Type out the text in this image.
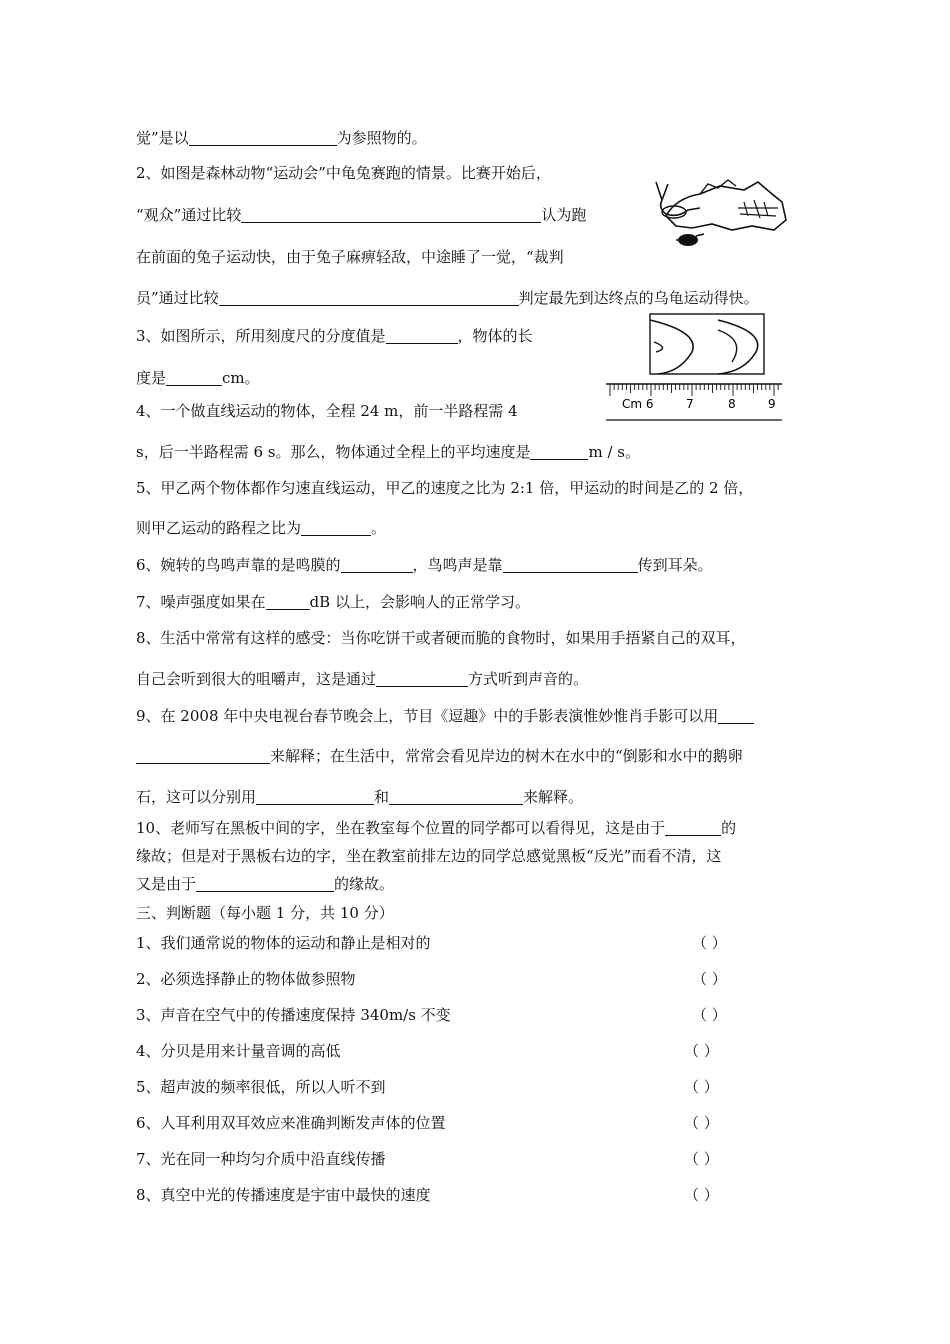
觉”是以	为参照物的。
2、如图是森林动物“运动会”中龟兔赛跑的情景。比赛开始后，
“观众”通过比较	认为跑
在前面的兔子运动快，由于兔子麻痹轻敌，中途睡了一觉，“裁判
员”通过比较	判定最先到达终点的乌龟运动得快。
3、如图所示，所用刻度尺的分度值是	，物体的长
度是	cm。
Cm 6	7	8	9
4、一个做直线运动的物体，全程 24 m，前一半路程需 4
s，后一半路程需 6 s。那么，物体通过全程上的平均速度是	m / s。
5、甲乙两个物体都作匀速直线运动，甲乙的速度之比为 2:1 倍，甲运动的时间是乙的 2 倍，
则甲乙运动的路程之比为	。
6、婉转的鸟鸣声靠的是鸣膜的	，鸟鸣声是靠	传到耳朵。
7、噪声强度如果在	dB 以上，会影响人的正常学习。
8、生活中常常有这样的感受：当你吃饼干或者硬而脆的食物时，如果用手捂紧自己的双耳，
自己会听到很大的咀嚼声，这是通过	方式听到声音的。
9、在 2008 年中央电视台春节晚会上，节目《逗趣》中的手影表演惟妙惟肖手影可以用
来解释；在生活中，常常会看见岸边的树木在水中的“倒影和水中的鹅卵
石，这可以分别用	和	来解释。
10、老师写在黑板中间的字，坐在教室每个位置的同学都可以看得见，这是由于	的
缘故；但是对于黑板右边的字，坐在教室前排左边的同学总感觉黑板“反光”而看不清，这
又是由于	的缘故。
三、判断题（每小题 1 分，共 10 分）
1、我们通常说的物体的运动和静止是相对的	（ ）
2、必须选择静止的物体做参照物	（ ）
3、声音在空气中的传播速度保持 340m/s 不变	（ ）
4、分贝是用来计量音调的高低	（ ）
5、超声波的频率很低，所以人听不到	（ ）
6、人耳利用双耳效应来准确判断发声体的位置	（ ）
7、光在同一种均匀介质中沿直线传播	（ ）
8、真空中光的传播速度是宇宙中最快的速度	（ ）
